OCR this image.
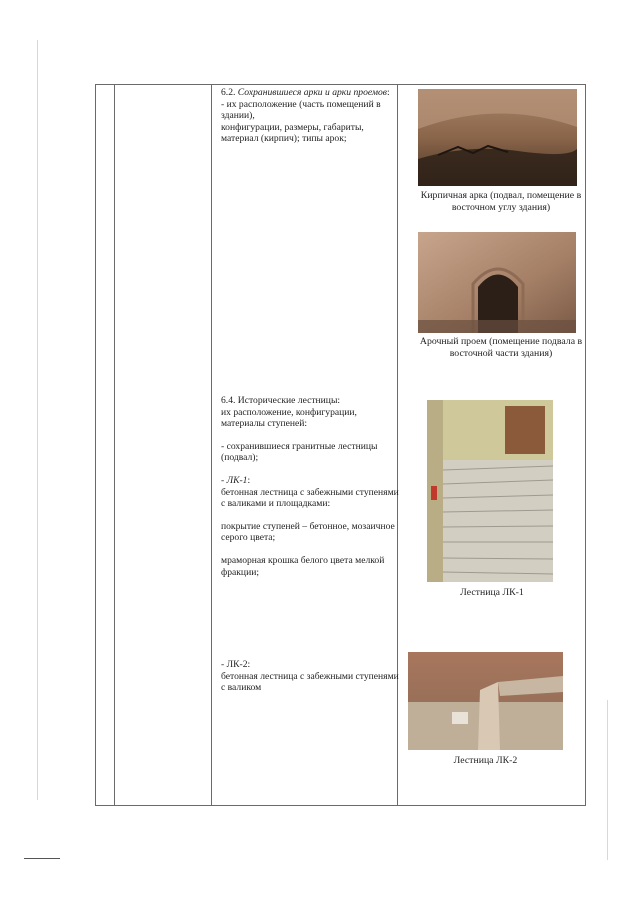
6.2. Сохранившиеся арки и арки проемов:

- их расположение (часть помещений в здании),

конфигурации, размеры, габариты, материал (кирпич); типы арок;

6.4. Исторические лестницы:

их расположение, конфигурации, материалы ступеней:

- сохранившиеся гранитные лестницы (подвал);

- ЛК-1:

бетонная лестница с забежными ступенями с валиками и площадками:

покрытие ступеней – бетонное, мозаичное серого цвета;

мраморная крошка белого цвета мелкой фракции;

- ЛК-2:

бетонная лестница с забежными ступенями с валиком

Кирпичная арка (подвал, помещение в восточном углу здания)
Арочный проем (помещение подвала в восточной части здания)
Лестница ЛК-1
Лестница ЛК-2
